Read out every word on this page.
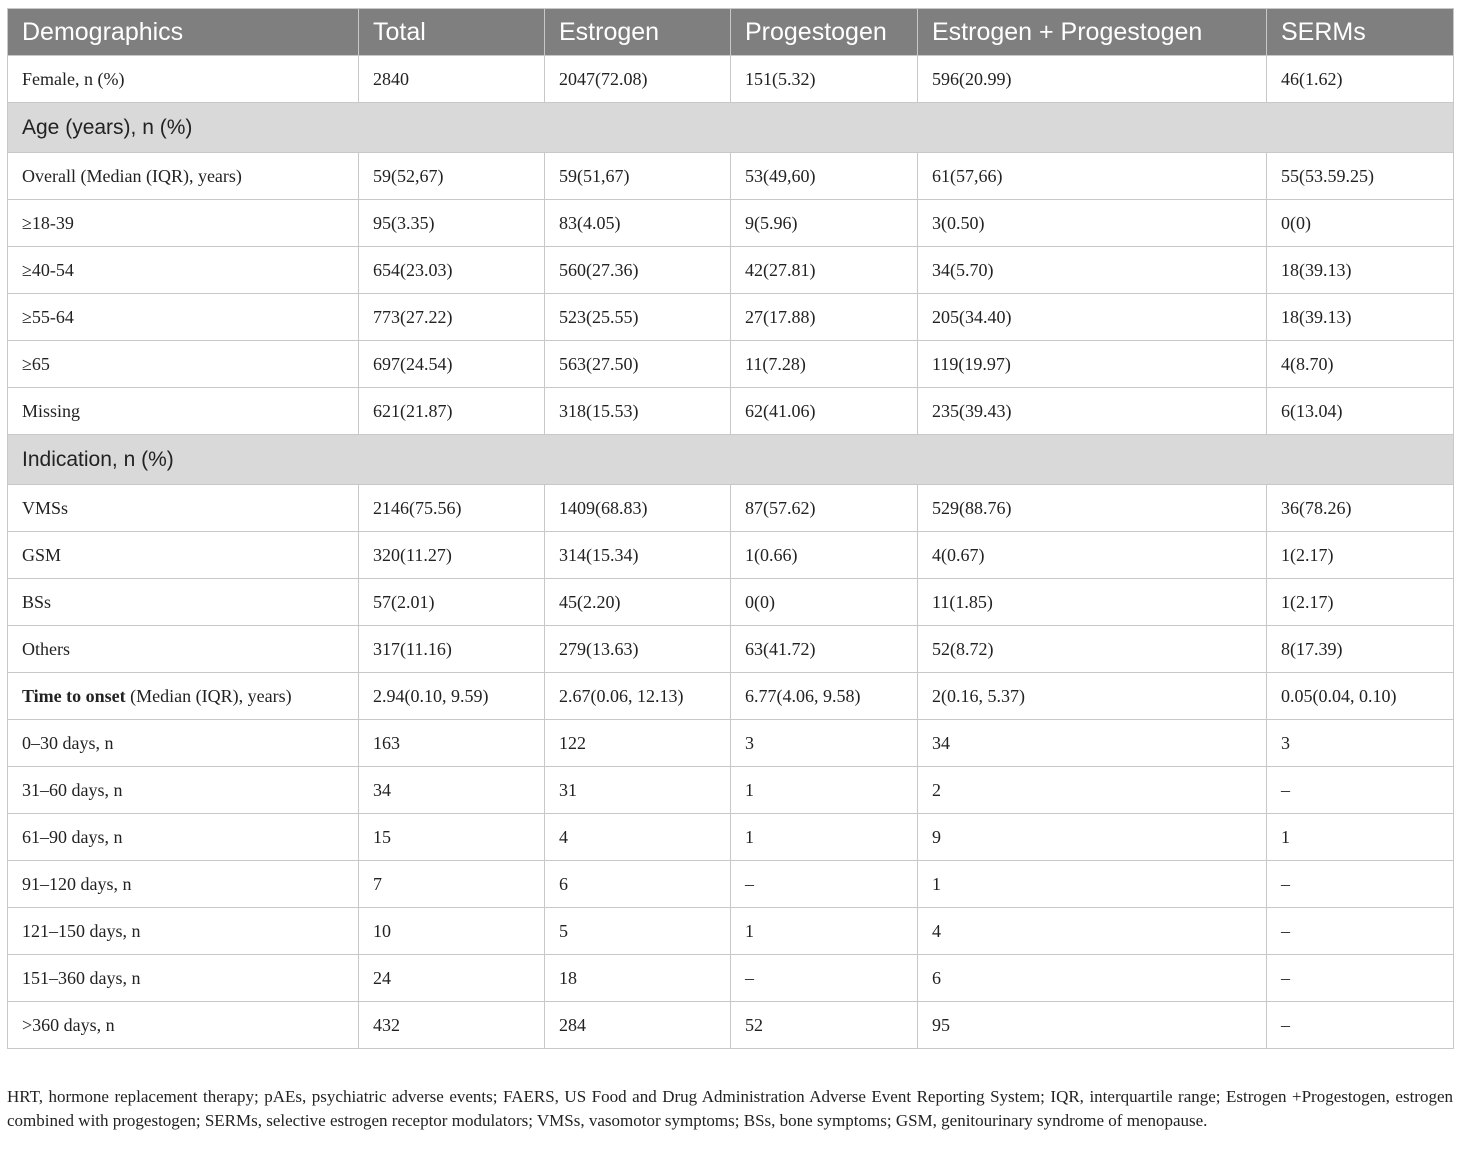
Demographics	Total	Estrogen	Progestogen	Estrogen + Progestogen	SERMs
Female, n (%)	2840	2047(72.08)	151(5.32)	596(20.99)	46(1.62)
Age (years), n (%)					
Overall (Median (IQR), years)	59(52,67)	59(51,67)	53(49,60)	61(57,66)	55(53.59.25)
≥18-39	95(3.35)	83(4.05)	9(5.96)	3(0.50)	0(0)
≥40-54	654(23.03)	560(27.36)	42(27.81)	34(5.70)	18(39.13)
≥55-64	773(27.22)	523(25.55)	27(17.88)	205(34.40)	18(39.13)
≥65	697(24.54)	563(27.50)	11(7.28)	119(19.97)	4(8.70)
Missing	621(21.87)	318(15.53)	62(41.06)	235(39.43)	6(13.04)
Indication, n (%)					
VMSs	2146(75.56)	1409(68.83)	87(57.62)	529(88.76)	36(78.26)
GSM	320(11.27)	314(15.34)	1(0.66)	4(0.67)	1(2.17)
BSs	57(2.01)	45(2.20)	0(0)	11(1.85)	1(2.17)
Others	317(11.16)	279(13.63)	63(41.72)	52(8.72)	8(17.39)
Time to onset (Median (IQR), years)	2.94(0.10, 9.59)	2.67(0.06, 12.13)	6.77(4.06, 9.58)	2(0.16, 5.37)	0.05(0.04, 0.10)
0–30 days, n	163	122	3	34	3
31–60 days, n	34	31	1	2	–
61–90 days, n	15	4	1	9	1
91–120 days, n	7	6	–	1	–
121–150 days, n	10	5	1	4	–
151–360 days, n	24	18	–	6	–
>360 days, n	432	284	52	95	–
HRT, hormone replacement therapy; pAEs, psychiatric adverse events; FAERS, US Food and Drug Administration Adverse Event Reporting System; IQR, interquartile range; Estrogen +Progestogen, estrogen combined with progestogen; SERMs, selective estrogen receptor modulators; VMSs, vasomotor symptoms; BSs, bone symptoms; GSM, genitourinary syndrome of menopause.
